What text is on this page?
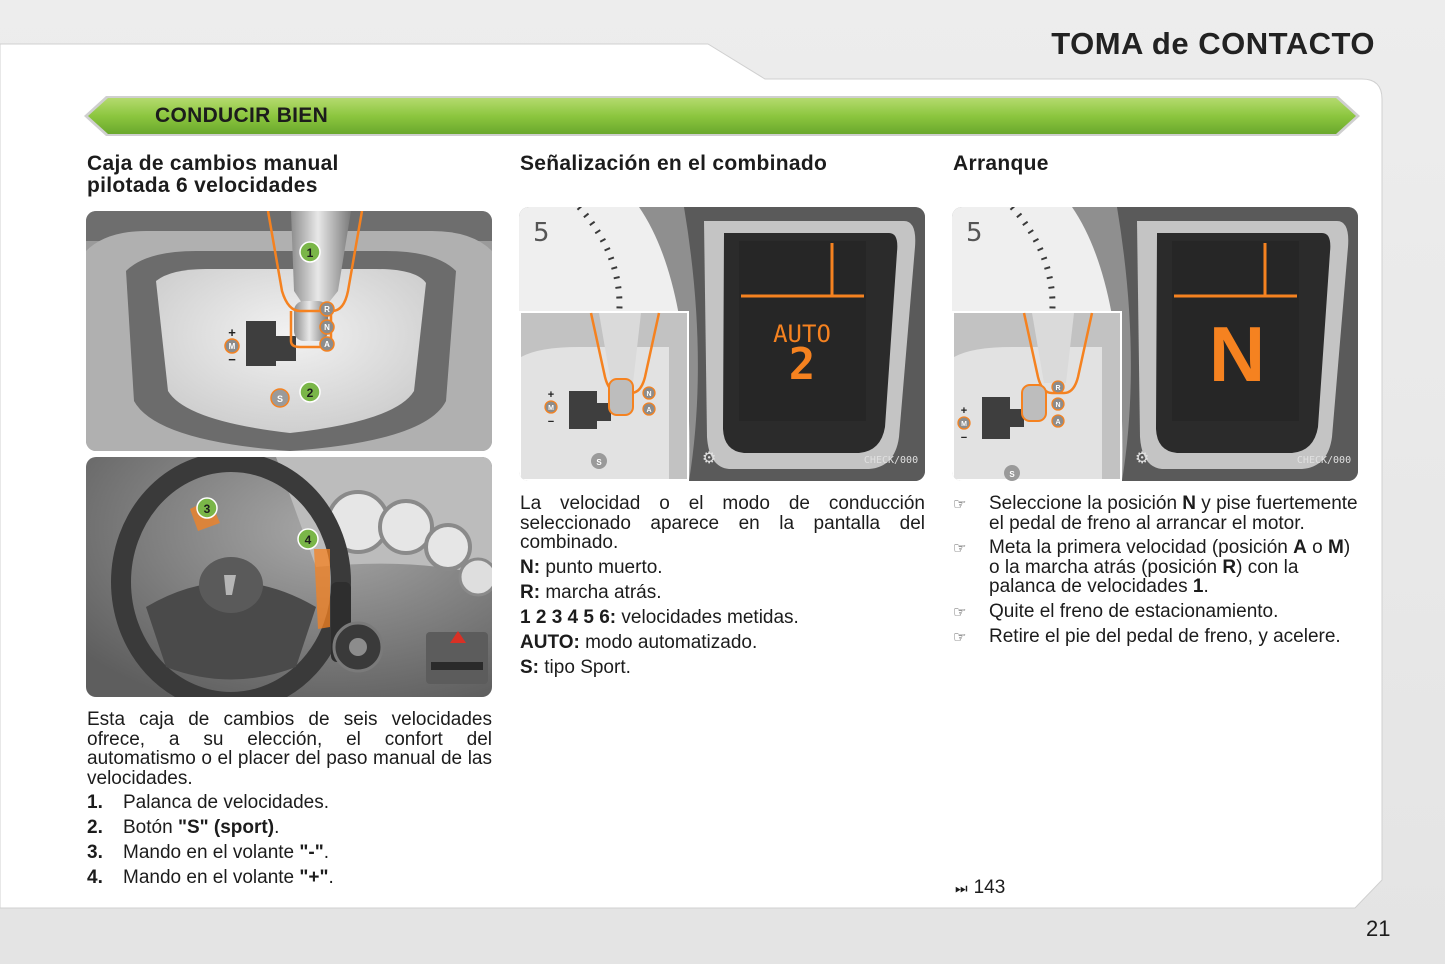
TOMA de CONTACTO
CONDUCIR BIEN
Caja de cambios manual
pilotada 6 velocidades
R
N
A
M
+
−
S
1
2
3
4

Esta caja de cambios de seis velocidades ofrece, a su elección, el confort del automatismo o el placer del paso manual de las velocidades.

1.	Palanca de velocidades.
2.	Botón "S" (sport).
3.	Mando en el volante "-".
4.	Mando en el volante "+".
Señalización en el combinado
5
AUTO
2
CHECK/000
⚙
N
A
M
+
−
S

La velocidad o el modo de conducción seleccionado aparece en la pantalla del combinado.

N: punto muerto.

R: marcha atrás.

1 2 3 4 5 6: velocidades metidas.

AUTO: modo automatizado.

S: tipo Sport.

Arranque
5
N
CHECK/000
⚙
R
N
A
M
+
−
S
☞	Seleccione la posición N y pise fuertemente el pedal de freno al arrancar el motor.
☞	Meta la primera velocidad (posición A o M) o la marcha atrás (posición R) con la palanca de velocidades 1.
☞	Quite el freno de estacionamiento.
☞	Retire el pie del pedal de freno, y acelere.
⏭ 143
21
